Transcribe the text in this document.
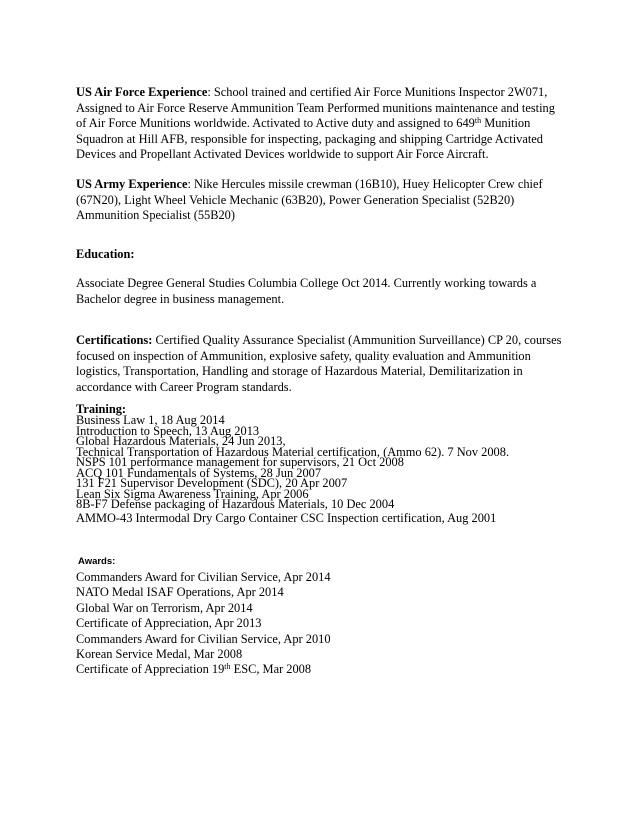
US Air Force Experience: School trained and certified Air Force Munitions Inspector 2W071, Assigned to Air Force Reserve Ammunition Team Performed munitions maintenance and testing of Air Force Munitions worldwide. Activated to Active duty and assigned to 649th Munition Squadron at Hill AFB, responsible for inspecting, packaging and shipping Cartridge Activated Devices and Propellant Activated Devices worldwide to support Air Force Aircraft.
US Army Experience: Nike Hercules missile crewman (16B10), Huey Helicopter Crew chief (67N20), Light Wheel Vehicle Mechanic (63B20), Power Generation Specialist (52B20) Ammunition Specialist (55B20)
Education:
Associate Degree General Studies Columbia College Oct 2014. Currently working towards a Bachelor degree in business management.
Certifications: Certified Quality Assurance Specialist (Ammunition Surveillance) CP 20, courses focused on inspection of Ammunition, explosive safety, quality evaluation and Ammunition logistics, Transportation, Handling and storage of Hazardous Material, Demilitarization in accordance with Career Program standards.
Training:
Business Law 1, 18 Aug 2014
Introduction to Speech, 13 Aug 2013
Global Hazardous Materials, 24 Jun 2013,
Technical Transportation of Hazardous Material certification, (Ammo 62). 7 Nov 2008.
NSPS 101 performance management for supervisors, 21 Oct 2008
ACQ 101 Fundamentals of Systems, 28 Jun 2007
131 F21 Supervisor Development (SDC), 20 Apr 2007
Lean Six Sigma Awareness Training, Apr 2006
8B-F7 Defense packaging of Hazardous Materials, 10 Dec 2004
AMMO-43 Intermodal Dry Cargo Container CSC Inspection certification, Aug 2001
Awards:
Commanders Award for Civilian Service, Apr 2014
NATO Medal ISAF Operations, Apr 2014
Global War on Terrorism, Apr 2014
Certificate of Appreciation, Apr 2013
Commanders Award for Civilian Service, Apr 2010
Korean Service Medal, Mar 2008
Certificate of Appreciation 19th ESC, Mar 2008
